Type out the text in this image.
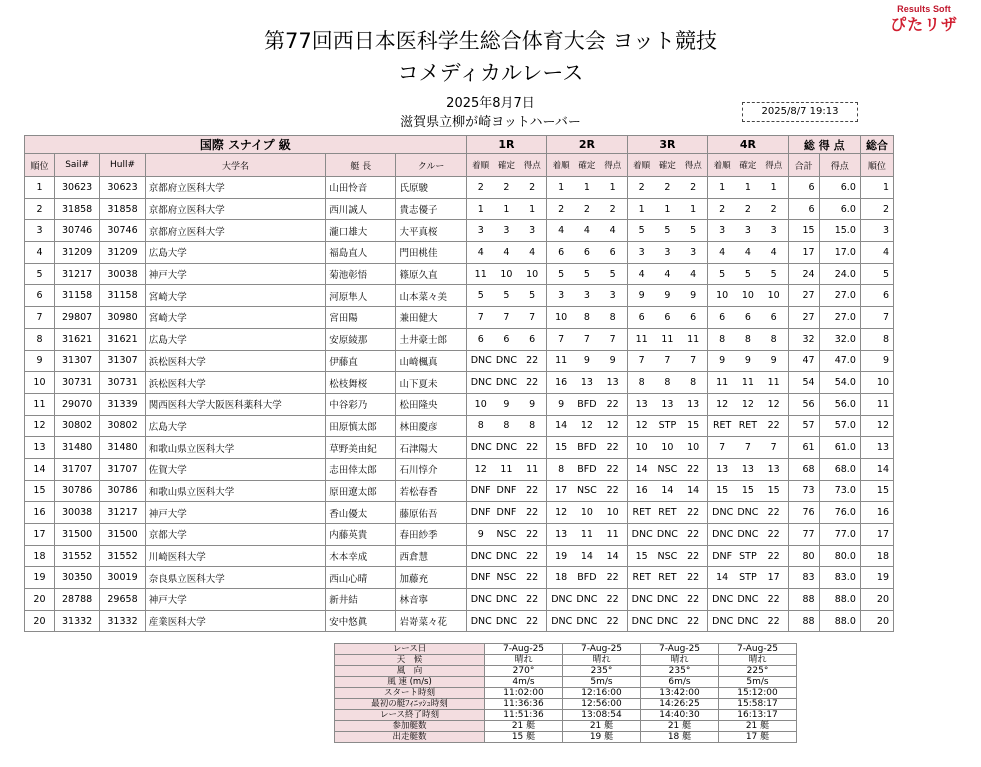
Results Soft
ぴたリザ
第77回西日本医科学生総合体育大会 ヨット競技
コメディカルレース
2025年8月7日
滋賀県立柳が崎ヨットハーバー
2025/8/7 19:13
国際 スナイプ 級						1R	2R	3R	4R	総 得 点		総合
順位	Sail#	Hull#	大学名	艇 長	クルー	着順 確定 得点	着順 確定 得点	着順 確定 得点	着順 確定 得点	合計	得点	順位
1	30623	30623	京都府立医科大学	山田怜音	氏原駿	2 2 2	1 1 1	2 2 2	1 1 1	6	6.0	1
2	31858	31858	京都府立医科大学	西川誠人	貴志優子	1 1 1	2 2 2	1 1 1	2 2 2	6	6.0	2
3	30746	30746	京都府立医科大学	瀧口雄大	大平真桜	3 3 3	4 4 4	5 5 5	3 3 3	15	15.0	3
4	31209	31209	広島大学	福島直人	門田桃佳	4 4 4	6 6 6	3 3 3	4 4 4	17	17.0	4
5	31217	30038	神戸大学	菊池彰悟	篠原久直	11 10 10	5 5 5	4 4 4	5 5 5	24	24.0	5
6	31158	31158	宮崎大学	河原隼人	山本菜々美	5 5 5	3 3 3	9 9 9	10 10 10	27	27.0	6
7	29807	30980	宮崎大学	宮田陽	兼田健大	7 7 7	10 8 8	6 6 6	6 6 6	27	27.0	7
8	31621	31621	広島大学	安原綾那	土井豪士郎	6 6 6	7 7 7	11 11 11	8 8 8	32	32.0	8
9	31307	31307	浜松医科大学	伊藤直	山崎楓真	DNC DNC 22	11 9 9	7 7 7	9 9 9	47	47.0	9
10	30731	30731	浜松医科大学	松枝舞桜	山下夏未	DNC DNC 22	16 13 13	8 8 8	11 11 11	54	54.0	10
11	29070	31339	関西医科大学大阪医科薬科大学	中谷彩乃	松田隆央	10 9 9	9 BFD 22	13 13 13	12 12 12	56	56.0	11
12	30802	30802	広島大学	田原慎太郎	林田慶彦	8 8 8	14 12 12	12 STP 15	RET RET 22	57	57.0	12
13	31480	31480	和歌山県立医科大学	草野美由紀	石津陽大	DNC DNC 22	15 BFD 22	10 10 10	7 7 7	61	61.0	13
14	31707	31707	佐賀大学	志田倖太郎	石川惇介	12 11 11	8 BFD 22	14 NSC 22	13 13 13	68	68.0	14
15	30786	30786	和歌山県立医科大学	原田遼太郎	若松春香	DNF DNF 22	17 NSC 22	16 14 14	15 15 15	73	73.0	15
16	30038	31217	神戸大学	香山優太	藤原佑吾	DNF DNF 22	12 10 10	RET RET 22	DNC DNC 22	76	76.0	16
17	31500	31500	京都大学	内藤英貴	春田紗季	9 NSC 22	13 11 11	DNC DNC 22	DNC DNC 22	77	77.0	17
18	31552	31552	川崎医科大学	木本幸成	西倉慧	DNC DNC 22	19 14 14	15 NSC 22	DNF STP 22	80	80.0	18
19	30350	30019	奈良県立医科大学	西山心晴	加藤充	DNF NSC 22	18 BFD 22	RET RET 22	14 STP 17	83	83.0	19
20	28788	29658	神戸大学	新井結	林音寧	DNC DNC 22	DNC DNC 22	DNC DNC 22	DNC DNC 22	88	88.0	20
20	31332	31332	産業医科大学	安中悠眞	岩嵜菜々花	DNC DNC 22	DNC DNC 22	DNC DNC 22	DNC DNC 22	88	88.0	20
レース日	7-Aug-25	7-Aug-25	7-Aug-25	7-Aug-25
天　候	晴れ	晴れ	晴れ	晴れ
風　向	270°	235°	235°	225°
風 速 (m/s)	4m/s	5m/s	6m/s	5m/s
スタート時刻	11:02:00	12:16:00	13:42:00	15:12:00
最初の艇ﾌｨﾆｯｼｭ時刻	11:36:36	12:56:00	14:26:25	15:58:17
レース終了時刻	11:51:36	13:08:54	14:40:30	16:13:17
参加艇数	21 艇	21 艇	21 艇	21 艇
出走艇数	15 艇	19 艇	18 艇	17 艇
